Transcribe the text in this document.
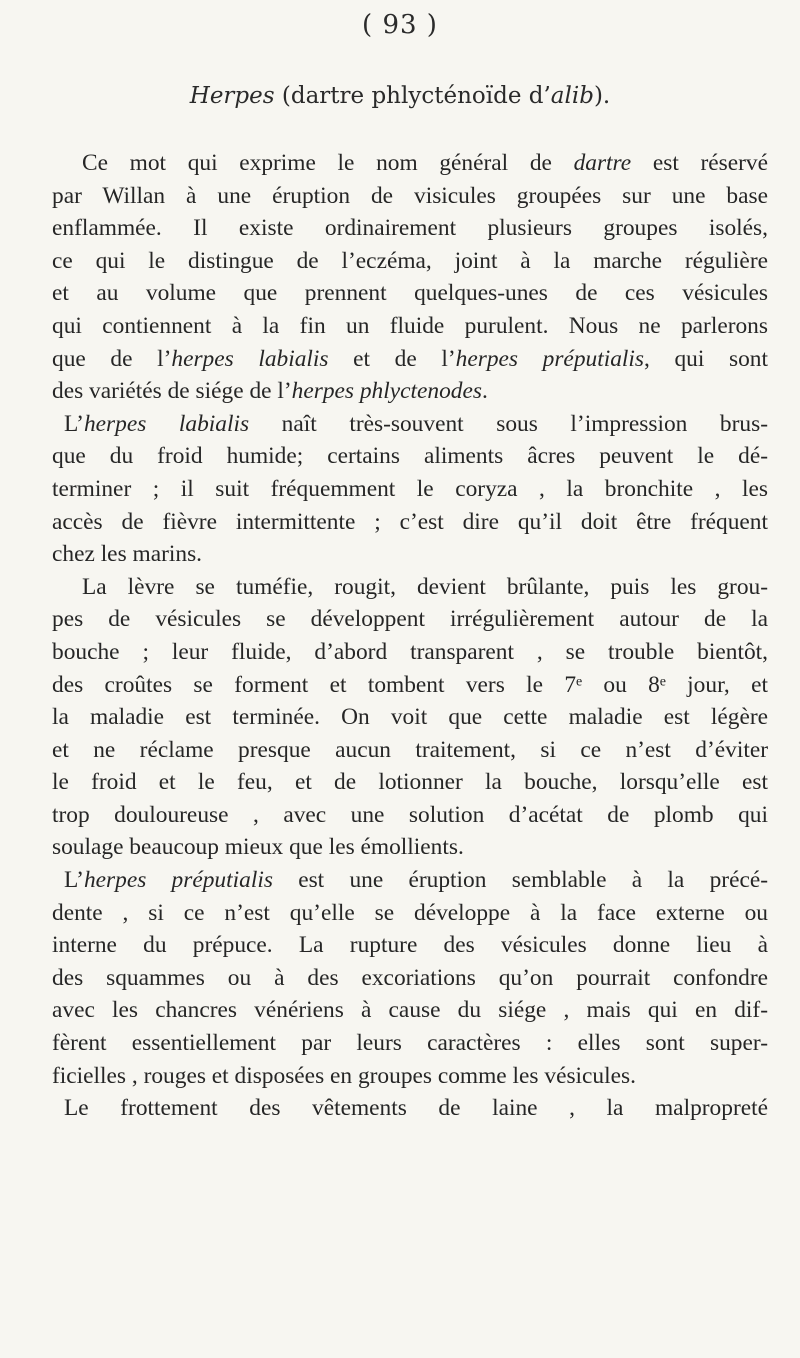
( 93 )
Herpes (dartre phlycténoïde d’alib).
Ce mot qui exprime le nom général de dartre est réservé
par Willan à une éruption de visicules groupées sur une base
enflammée. Il existe ordinairement plusieurs groupes isolés,
ce qui le distingue de l’eczéma, joint à la marche régulière
et au volume que prennent quelques-unes de ces vésicules
qui contiennent à la fin un fluide purulent. Nous ne parlerons
que de l’herpes labialis et de l’herpes préputialis, qui sont
des variétés de siége de l’herpes phlyctenodes.
L’herpes labialis naît très-souvent sous l’impression brus-
que du froid humide; certains aliments âcres peuvent le dé-
terminer ; il suit fréquemment le coryza , la bronchite , les
accès de fièvre intermittente ; c’est dire qu’il doit être fréquent
chez les marins.
La lèvre se tuméfie, rougit, devient brûlante, puis les grou-
pes de vésicules se développent irrégulièrement autour de la
bouche ; leur fluide, d’abord transparent , se trouble bientôt,
des croûtes se forment et tombent vers le 7ᵉ ou 8ᵉ jour, et
la maladie est terminée. On voit que cette maladie est légère
et ne réclame presque aucun traitement, si ce n’est d’éviter
le froid et le feu, et de lotionner la bouche, lorsqu’elle est
trop douloureuse , avec une solution d’acétat de plomb qui
soulage beaucoup mieux que les émollients.
L’herpes préputialis est une éruption semblable à la précé-
dente , si ce n’est qu’elle se développe à la face externe ou
interne du prépuce. La rupture des vésicules donne lieu à
des squammes ou à des excoriations qu’on pourrait confondre
avec les chancres vénériens à cause du siége , mais qui en dif-
fèrent essentiellement par leurs caractères : elles sont super-
ficielles , rouges et disposées en groupes comme les vésicules.
Le frottement des vêtements de laine , la malpropreté
